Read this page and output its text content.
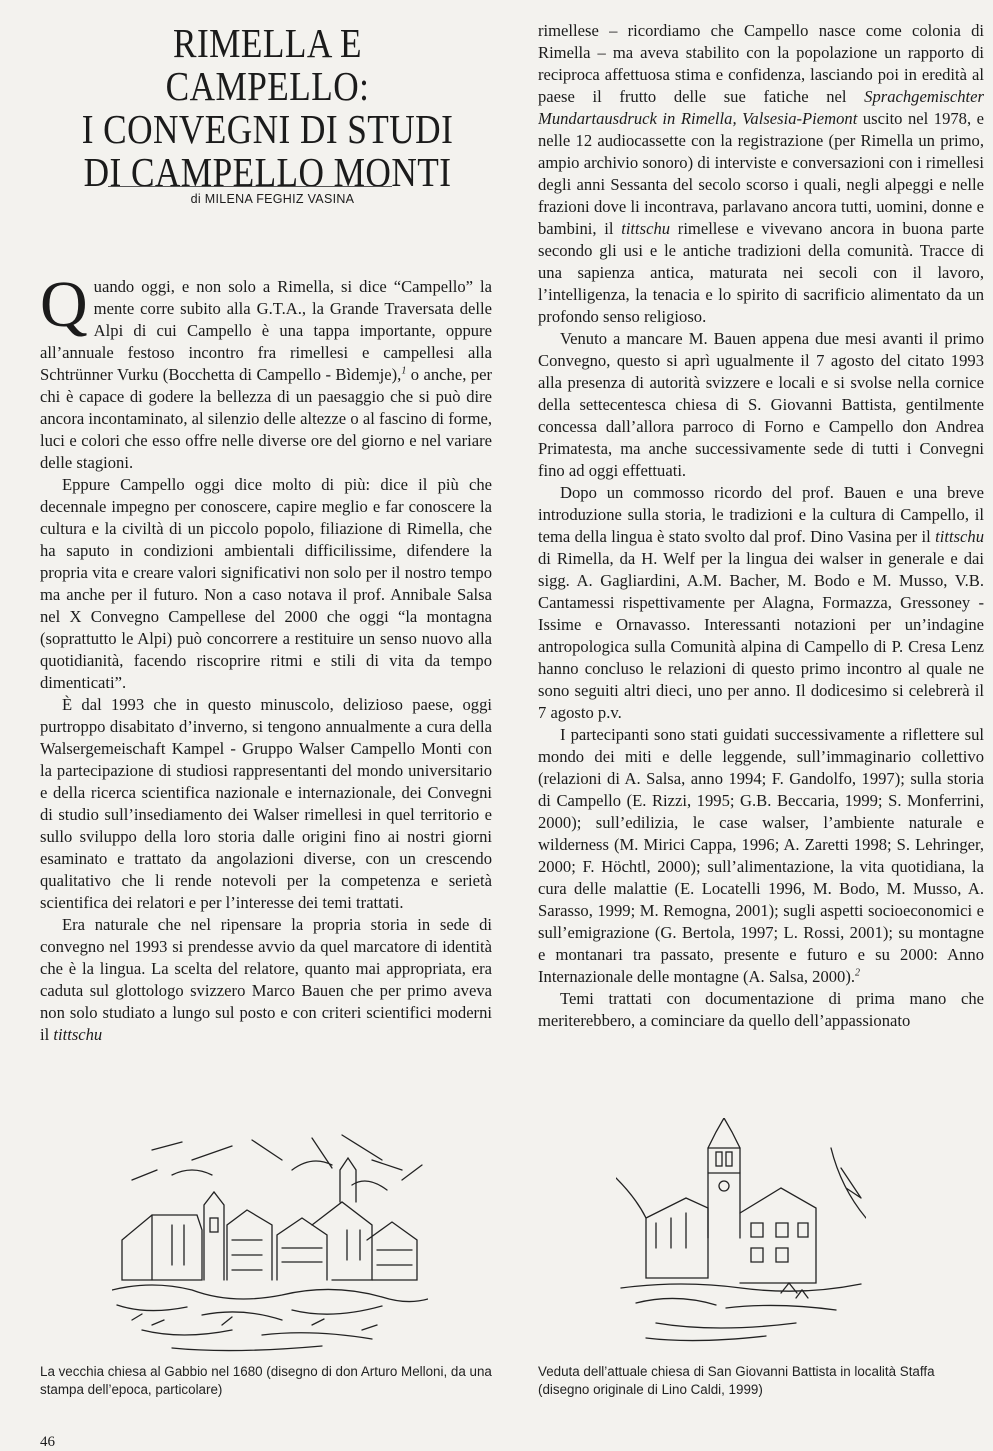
RIMELLA E CAMPELLO:
I CONVEGNI DI STUDI
DI CAMPELLO MONTI
di MILENA FEGHIZ VASINA

Quando oggi, e non solo a Rimella, si dice “Campello” la mente corre subito alla G.T.A., la Grande Traversata delle Alpi di cui Campello è una tappa importante, oppure all’annuale festoso incontro fra rimellesi e campellesi alla Schtrünner Vurku (Bocchetta di Campello - Bìdemje),$^1$ o anche, per chi è capace di godere la bellezza di un paesaggio che si può dire ancora incontaminato, al silenzio delle altezze o al fascino di forme, luci e colori che esso offre nelle diverse ore del giorno e nel variare delle stagioni.

Eppure Campello oggi dice molto di più: dice il più che decennale impegno per conoscere, capire meglio e far conoscere la cultura e la civiltà di un piccolo popolo, filiazione di Rimella, che ha saputo in condizioni ambientali difficilissime, difendere la propria vita e creare valori significativi non solo per il nostro tempo ma anche per il futuro. Non a caso notava il prof. Annibale Salsa nel X Convegno Campellese del 2000 che oggi “la montagna (soprattutto le Alpi) può concorrere a restituire un senso nuovo alla quotidianità, facendo riscoprire ritmi e stili di vita da tempo dimenticati”.

È dal 1993 che in questo minuscolo, delizioso paese, oggi purtroppo disabitato d’inverno, si tengono annualmente a cura della Walsergemeischaft Kampel - Gruppo Walser Campello Monti con la partecipazione di studiosi rappresentanti del mondo universitario e della ricerca scientifica nazionale e internazionale, dei Convegni di studio sull’insediamento dei Walser rimellesi in quel territorio e sullo sviluppo della loro storia dalle origini fino ai nostri giorni esaminato e trattato da angolazioni diverse, con un crescendo qualitativo che li rende notevoli per la competenza e serietà scientifica dei relatori e per l’interesse dei temi trattati.

Era naturale che nel ripensare la propria storia in sede di convegno nel 1993 si prendesse avvio da quel marcatore di identità che è la lingua. La scelta del relatore, quanto mai appropriata, era caduta sul glottologo svizzero Marco Bauen che per primo aveva non solo studiato a lungo sul posto e con criteri scientifici moderni il tittschu

rimellese – ricordiamo che Campello nasce come colonia di Rimella – ma aveva stabilito con la popolazione un rapporto di reciproca affettuosa stima e confidenza, lasciando poi in eredità al paese il frutto delle sue fatiche nel Sprachgemischter Mundartausdruck in Rimella, Valsesia-Piemont uscito nel 1978, e nelle 12 audiocassette con la registrazione (per Rimella un primo, ampio archivio sonoro) di interviste e conversazioni con i rimellesi degli anni Sessanta del secolo scorso i quali, negli alpeggi e nelle frazioni dove li incontrava, parlavano ancora tutti, uomini, donne e bambini, il tittschu rimellese e vivevano ancora in buona parte secondo gli usi e le antiche tradizioni della comunità. Tracce di una sapienza antica, maturata nei secoli con il lavoro, l’intelligenza, la tenacia e lo spirito di sacrificio alimentato da un profondo senso religioso.

Venuto a mancare M. Bauen appena due mesi avanti il primo Convegno, questo si aprì ugualmente il 7 agosto del citato 1993 alla presenza di autorità svizzere e locali e si svolse nella cornice della settecentesca chiesa di S. Giovanni Battista, gentilmente concessa dall’allora parroco di Forno e Campello don Andrea Primatesta, ma anche successivamente sede di tutti i Convegni fino ad oggi effettuati.

Dopo un commosso ricordo del prof. Bauen e una breve introduzione sulla storia, le tradizioni e la cultura di Campello, il tema della lingua è stato svolto dal prof. Dino Vasina per il tittschu di Rimella, da H. Welf per la lingua dei walser in generale e dai sigg. A. Gagliardini, A.M. Bacher, M. Bodo e M. Musso, V.B. Cantamessi rispettivamente per Alagna, Formazza, Gressoney - Issime e Ornavasso. Interessanti notazioni per un’indagine antropologica sulla Comunità alpina di Campello di P. Cresa Lenz hanno concluso le relazioni di questo primo incontro al quale ne sono seguiti altri dieci, uno per anno. Il dodicesimo si celebrerà il 7 agosto p.v.

I partecipanti sono stati guidati successivamente a riflettere sul mondo dei miti e delle leggende, sull’immaginario collettivo (relazioni di A. Salsa, anno 1994; F. Gandolfo, 1997); sulla storia di Campello (E. Rizzi, 1995; G.B. Beccaria, 1999; S. Monferrini, 2000); sull’edilizia, le case walser, l’ambiente naturale e wilderness (M. Mirici Cappa, 1996; A. Zaretti 1998; S. Lehringer, 2000; F. Höchtl, 2000); sull’alimentazione, la vita quotidiana, la cura delle malattie (E. Locatelli 1996, M. Bodo, M. Musso, A. Sarasso, 1999; M. Remogna, 2001); sugli aspetti socioeconomici e sull’emigrazione (G. Bertola, 1997; L. Rossi, 2001); su montagne e montanari tra passato, presente e futuro e su 2000: Anno Internazionale delle montagne (A. Salsa, 2000).$^2$

Temi trattati con documentazione di prima mano che meriterebbero, a cominciare da quello dell’appassionato

La vecchia chiesa al Gabbio nel 1680 (disegno di don Arturo Melloni, da una stampa dell’epoca, particolare)
Veduta dell’attuale chiesa di San Giovanni Battista in località Staffa (disegno originale di Lino Caldi, 1999)
46
